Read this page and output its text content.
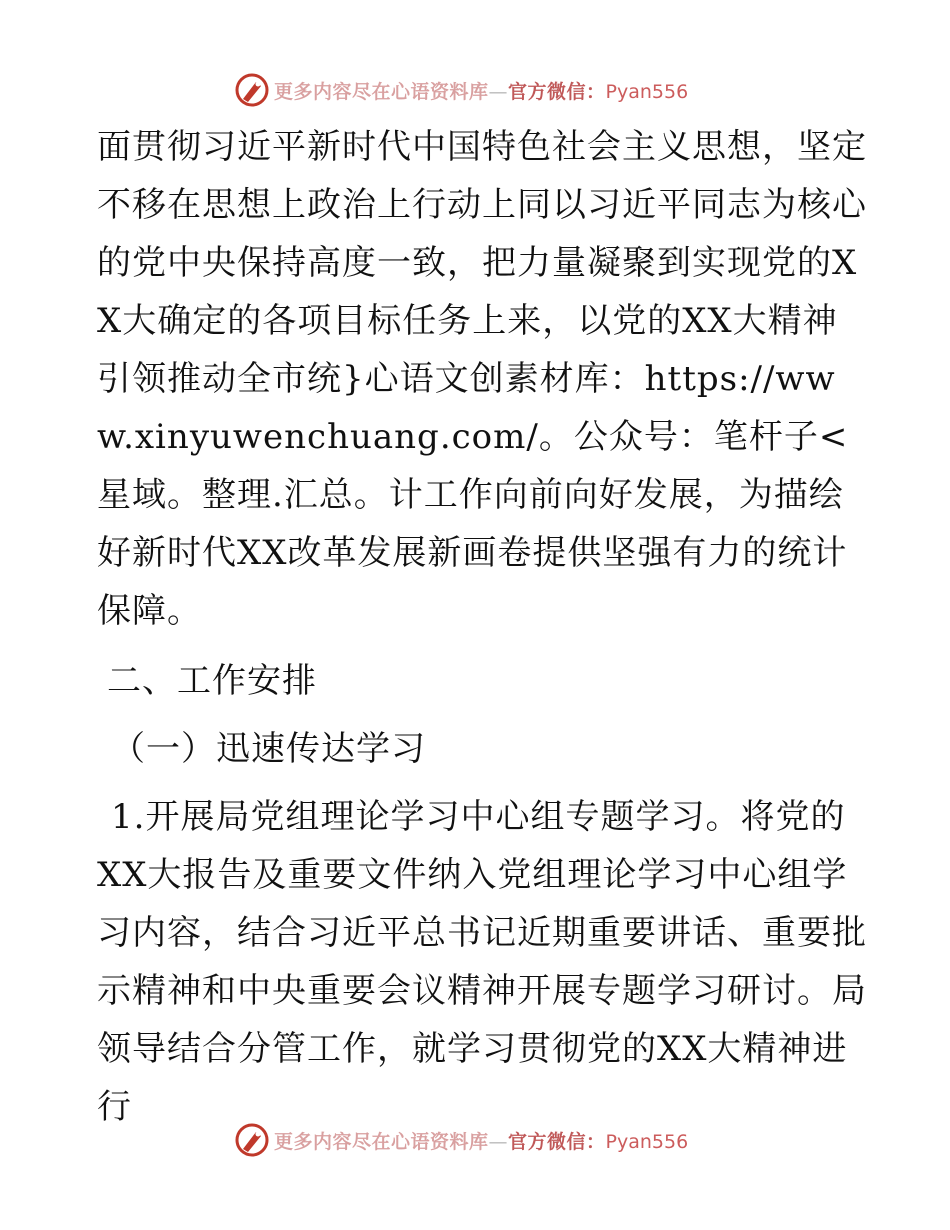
更多内容尽在心语资料库—官方微信：Pyan556

面贯彻习近平新时代中国特色社会主义思想，坚定不移在思想上政治上行动上同以习近平同志为核心的党中央保持高度一致，把力量凝聚到实现党的XX大确定的各项目标任务上来，以党的XX大精神引领推动全市统}心语文创素材库：https://www.xinyuwenchuang.com/。公众号：笔杆子<星域。整理.汇总。计工作向前向好发展，为描绘好新时代XX改革发展新画卷提供坚强有力的统计保障。

二、工作安排

（一）迅速传达学习

1.开展局党组理论学习中心组专题学习。将党的XX大报告及重要文件纳入党组理论学习中心组学习内容，结合习近平总书记近期重要讲话、重要批示精神和中央重要会议精神开展专题学习研讨。局领导结合分管工作，就学习贯彻党的XX大精神进行

更多内容尽在心语资料库—官方微信：Pyan556
